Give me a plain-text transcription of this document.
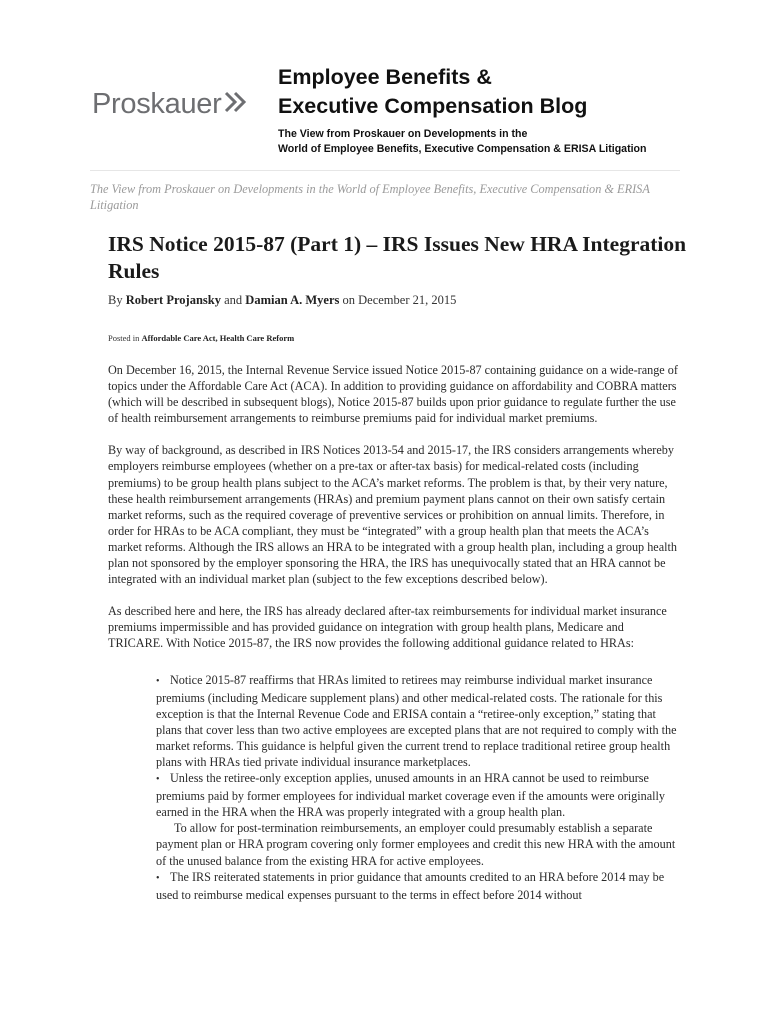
Proskauer
Employee Benefits &
Executive Compensation Blog
The View from Proskauer on Developments in the
World of Employee Benefits, Executive Compensation & ERISA Litigation
The View from Proskauer on Developments in the World of Employee Benefits, Executive Compensation & ERISA Litigation
IRS Notice 2015-87 (Part 1) – IRS Issues New HRA Integration Rules
By Robert Projansky and Damian A. Myers on December 21, 2015
Posted in Affordable Care Act, Health Care Reform

On December 16, 2015, the Internal Revenue Service issued Notice 2015-87 containing guidance on a wide-range of topics under the Affordable Care Act (ACA). In addition to providing guidance on affordability and COBRA matters (which will be described in subsequent blogs), Notice 2015-87 builds upon prior guidance to regulate further the use of health reimbursement arrangements to reimburse premiums paid for individual market premiums.

By way of background, as described in IRS Notices 2013-54 and 2015-17, the IRS considers arrangements whereby employers reimburse employees (whether on a pre-tax or after-tax basis) for medical-related costs (including premiums) to be group health plans subject to the ACA’s market reforms. The problem is that, by their very nature, these health reimbursement arrangements (HRAs) and premium payment plans cannot on their own satisfy certain market reforms, such as the required coverage of preventive services or prohibition on annual limits. Therefore, in order for HRAs to be ACA compliant, they must be “integrated” with a group health plan that meets the ACA’s market reforms. Although the IRS allows an HRA to be integrated with a group health plan, including a group health plan not sponsored by the employer sponsoring the HRA, the IRS has unequivocally stated that an HRA cannot be integrated with an individual market plan (subject to the few exceptions described below).

As described here and here, the IRS has already declared after-tax reimbursements for individual market insurance premiums impermissible and has provided guidance on integration with group health plans, Medicare and TRICARE. With Notice 2015-87, the IRS now provides the following additional guidance related to HRAs:

• Notice 2015-87 reaffirms that HRAs limited to retirees may reimburse individual market insurance premiums (including Medicare supplement plans) and other medical-related costs. The rationale for this exception is that the Internal Revenue Code and ERISA contain a “retiree-only exception,” stating that plans that cover less than two active employees are excepted plans that are not required to comply with the market reforms. This guidance is helpful given the current trend to replace traditional retiree group health plans with HRAs tied private individual insurance marketplaces.
• Unless the retiree-only exception applies, unused amounts in an HRA cannot be used to reimburse premiums paid by former employees for individual market coverage even if the amounts were originally earned in the HRA when the HRA was properly integrated with a group health plan.
To allow for post-termination reimbursements, an employer could presumably establish a separate payment plan or HRA program covering only former employees and credit this new HRA with the amount of the unused balance from the existing HRA for active employees.
• The IRS reiterated statements in prior guidance that amounts credited to an HRA before 2014 may be used to reimburse medical expenses pursuant to the terms in effect before 2014 without
